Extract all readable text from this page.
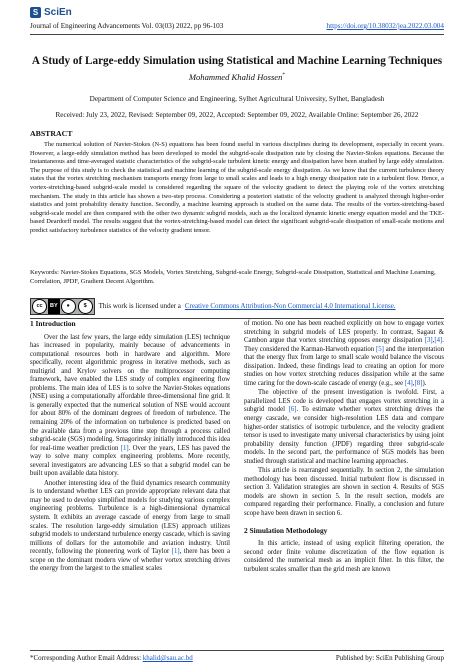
S SciEn
Journal of Engineering Advancements Vol. 03(03) 2022, pp 96-103	https://doi.org/10.38032/jea.2022.03.004
A Study of Large-eddy Simulation using Statistical and Machine Learning Techniques
Mohammed Khalid Hossen*
Department of Computer Science and Engineering, Sylhet Agricultural University, Sylhet, Bangladesh
Received: July 23, 2022, Revised: September 09, 2022, Accepted: September 09, 2022, Available Online: September 26, 2022
ABSTRACT
The numerical solution of Navier-Stokes (N-S) equations has been found useful in various disciplines during its development, especially in recent years. However, a large-eddy simulation method has been developed to model the subgrid-scale dissipation rate by closing the Navier-Stokes equations. Because the instantaneous and time-averaged statistic characteristics of the subgrid-scale turbulent kinetic energy and dissipation have been studied by large eddy simulation. The purpose of this study is to check the statistical and machine learning of the subgrid-scale energy dissipation. As we know that the current turbulence theory states that the vortex stretching mechanism transports energy from large to small scales and leads to a high energy dissipation rate in a turbulent flow. Hence, a vortex-stretching-based subgrid-scale model is considered regarding the square of the velocity gradient to detect the playing role of the vortex stretching mechanism. The study in this article has shown a two-step process. Considering a posteriori statistic of the velocity gradient is analyzed through higher-order statistics and joint probability density function. Secondly, a machine learning approach is studied on the same data. The results of the vortex-stretching-based subgrid-scale model are then compared with the other two dynamic subgrid models, such as the localized dynamic kinetic energy equation model and the TKE-based Deardorff model. The results suggest that the vortex-stretching-based model can detect the significant subgrid-scale dissipation of small-scale motions and predict satisfactory turbulence statistics of the velocity gradient tensor.
Keywords: Navier-Stokes Equations, SGS Models, Vortex Stretching, Subgrid-scale Energy, Subgrid-scale Dissipation, Statistical and Machine Learning, Correlation, JPDF, Gradient Decent Algorithm.
cc	BY	●	$	This work is licensed under a Creative Commons Attribution-Non Commercial 4.0 International License.
1 Introduction

Over the last few years, the large eddy simulation (LES) technique has increased in popularity, mainly because of advancements in computational resources both in hardware and algorithm. More specifically, recent algorithmic progress in iterative methods, such as multigrid and Krylov solvers on the multiprocessor computing framework, have enabled the LES study of complex engineering flow problems. The main idea of LES is to solve the Navier-Stokes equations (NSE) using a computationally affordable three-dimensional fine grid. It is generally expected that the numerical solution of NSE would account for about 80% of the dominant degrees of freedom of turbulence. The remaining 20% of the information on turbulence is predicted based on the available data from a previous time step through a process called subgrid-scale (SGS) modeling. Smagorinsky initially introduced this idea for real-time weather prediction [1]. Over the years, LES has paved the way to solve many complex engineering problems. More recently, several investigators are advancing LES so that a subgrid model can be built upon available data history.

Another interesting idea of the fluid dynamics research community is to understand whether LES can provide appropriate relevant data that may be used to develop simplified models for studying various complex engineering problems. Turbulence is a high-dimensional dynamical system. It exhibits an average cascade of energy from large to small scales. The resolution large-eddy simulation (LES) approach utilizes subgrid models to understand turbulence energy cascade, which is saving millions of dollars for the automobile and aviation industry. Until recently, following the pioneering work of Taylor [1], there has been a scope on the dominant modern view of whether vortex stretching drives the energy from the largest to the smallest scales

of motion. No one has been reached explicitly on how to engage vortex stretching in subgrid models of LES properly. In contrast, Sagaut & Cambon argue that vortex stretching opposes energy dissipation [3],[4]. They considered the Karman-Harwoth equation [5] and the interpretation that the energy flux from large to small scale would balance the viscous dissipation. Indeed, these findings lead to creating an option for more studies on how vortex stretching reduces dissipation while at the same time caring for the down-scale cascade of energy (e.g., see [4],[8]).

The objective of the present investigation is twofold. First, a parallelized LES code is developed that engages vortex stretching in a subgrid model [6]. To estimate whether vortex stretching drives the energy cascade, we consider high-resolution LES data and compare higher-order statistics of isotropic turbulence, and the velocity gradient tensor is used to investigate many universal characteristics by using joint probability density function (JPDF) regarding three subgrid-scale models. In the second part, the performance of SGS models has been studied through statistical and machine learning approaches.

This article is rearranged sequentially. In section 2, the simulation methodology has been discussed. Initial turbulent flow is discussed in section 3. Validation strategies are shown in section 4. Results of SGS models are shown in section 5. In the result section, models are compared regarding their performance. Finally, a conclusion and future scope have been drawn in section 6.

2 Simulation Methodology

In this article, instead of using explicit filtering operation, the second order finite volume discretization of the flow equation is considered the numerical mesh as an implicit filter. In this filter, the turbulent scales smaller than the grid mesh are known

*Corresponding Author Email Address: khalid@sau.ac.bd	Published by: SciEn Publishing Group
